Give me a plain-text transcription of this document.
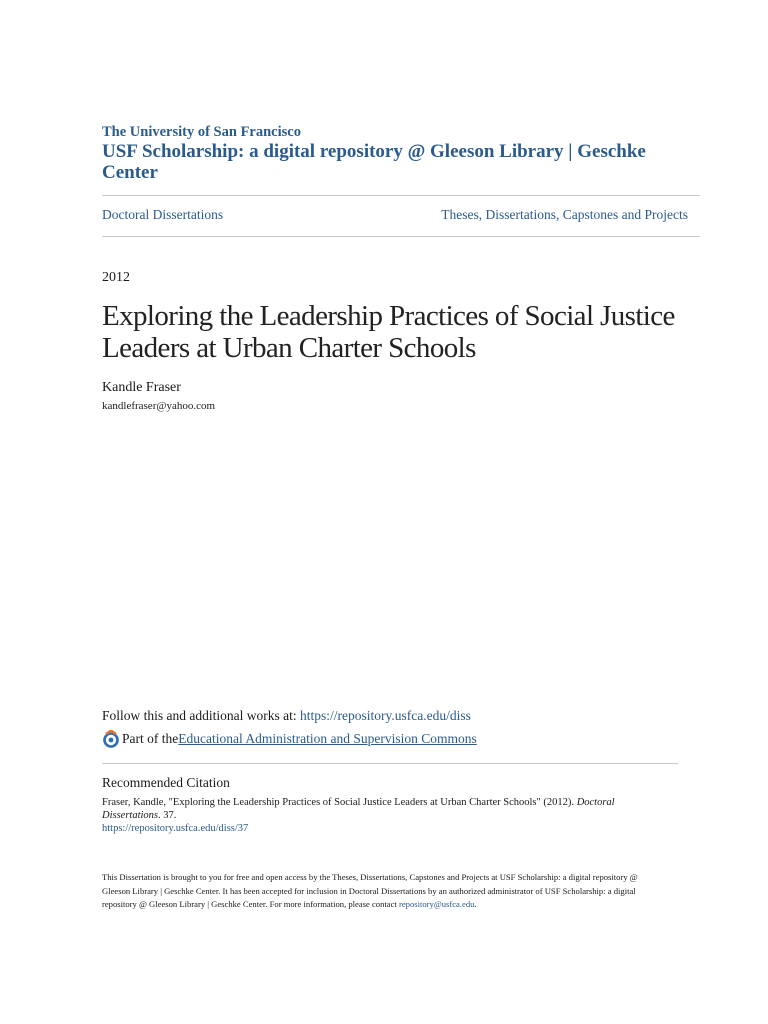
The University of San Francisco
USF Scholarship: a digital repository @ Gleeson Library | Geschke Center
Doctoral Dissertations	Theses, Dissertations, Capstones and Projects
2012
Exploring the Leadership Practices of Social Justice Leaders at Urban Charter Schools
Kandle Fraser
kandlefraser@yahoo.com
Follow this and additional works at: https://repository.usfca.edu/diss
Part of the Educational Administration and Supervision Commons
Recommended Citation
Fraser, Kandle, "Exploring the Leadership Practices of Social Justice Leaders at Urban Charter Schools" (2012). Doctoral Dissertations. 37.
https://repository.usfca.edu/diss/37
This Dissertation is brought to you for free and open access by the Theses, Dissertations, Capstones and Projects at USF Scholarship: a digital repository @ Gleeson Library | Geschke Center. It has been accepted for inclusion in Doctoral Dissertations by an authorized administrator of USF Scholarship: a digital repository @ Gleeson Library | Geschke Center. For more information, please contact repository@usfca.edu.
